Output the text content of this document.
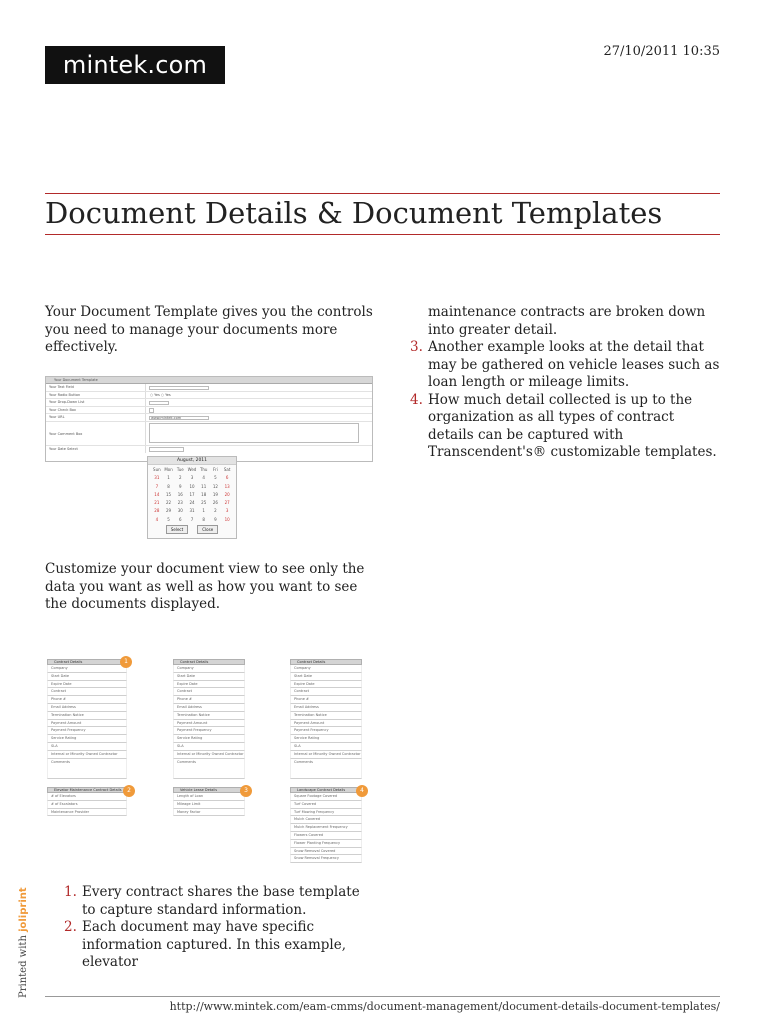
mintek.com	27/10/2011 10:35
Document Details & Document Templates

Your Document Template gives you the controls you need to manage your documents more effectively.

Your Document Template
Your Text Field
Your Radio Button	○ Yes ○ Yes
Your Drop-Down List
Your Check Box
Your URL	www.mintek.com
Your Comment Box
Your Date Select
August, 2011
Sun Mon	Tue Wed Thu	Fri	Sat
31	1	2	3	4	5	6
7	8	9	10	11	12	13
14	15	16	17	18	19	20
21	22	23	24	25	26	27
28	29	30	31	1	2	3
4	5	6	7	8	9	10
Select	Close

Customize your document view to see only the data you want as well as how you want to see the documents displayed.

Contract Details
Company
Start Date
Expire Date
Contract
Phone #
Email Address
Termination Notice
Payment Amount
Payment Frequency
Service Rating
SLA
Internal or Minority Owned Contractor
Comments
Contract Details
Company
Start Date
Expire Date
Contract
Phone #
Email Address
Termination Notice
Payment Amount
Payment Frequency
Service Rating
SLA
Internal or Minority Owned Contractor
Comments
Contract Details
Company
Start Date
Expire Date
Contract
Phone #
Email Address
Termination Notice
Payment Amount
Payment Frequency
Service Rating
SLA
Internal or Minority Owned Contractor
Comments
Elevator Maintenance Contract Details
# of Elevators
# of Escalators
Maintenance Provider
Vehicle Lease Details
Length of Loan
Mileage Limit
Money Factor
Landscape Contract Details
Square Footage Covered
Turf Covered
Turf Mowing Frequency
Mulch Covered
Mulch Replacement Frequency
Flowers Covered
Flower Planting Frequency
Snow Removal Covered
Snow Removal Frequency
1
2	3	4
1. Every contract shares the base template to capture standard information.
2. Each document may have specific information captured. In this example, elevator

maintenance contracts are broken down into greater detail.

3. Another example looks at the detail that may be gathered on vehicle leases such as loan length or mileage limits.
4. How much detail collected is up to the organization as all types of contract details can be captured with Transcendent's® customizable templates.
Printed with joliprint
http://www.mintek.com/eam-cmms/document-management/document-details-document-templates/
